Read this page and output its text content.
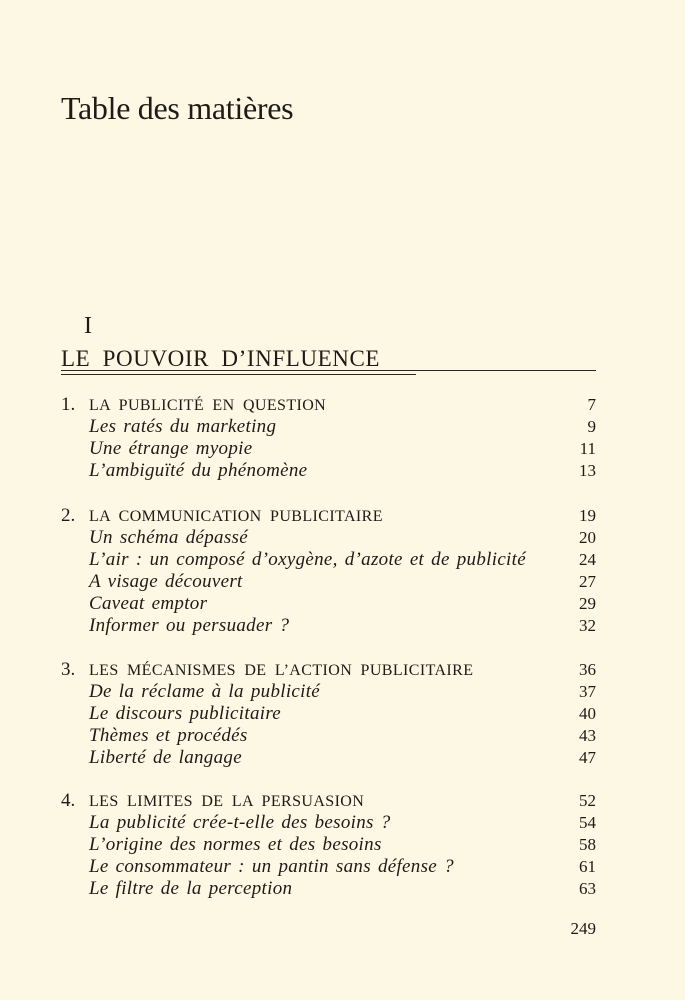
Table des matières
I
LE POUVOIR D’INFLUENCE
1. LA PUBLICITÉ EN QUESTION	7
Les ratés du marketing	9
Une étrange myopie	11
L’ambiguïté du phénomène	13
2. LA COMMUNICATION PUBLICITAIRE	19
Un schéma dépassé	20
L’air : un composé d’oxygène, d’azote et de publicité	24
A visage découvert	27
Caveat emptor	29
Informer ou persuader ?	32
3. LES MÉCANISMES DE L’ACTION PUBLICITAIRE	36
De la réclame à la publicité	37
Le discours publicitaire	40
Thèmes et procédés	43
Liberté de langage	47
4. LES LIMITES DE LA PERSUASION	52
La publicité crée-t-elle des besoins ?	54
L’origine des normes et des besoins	58
Le consommateur : un pantin sans défense ?	61
Le filtre de la perception	63
249
